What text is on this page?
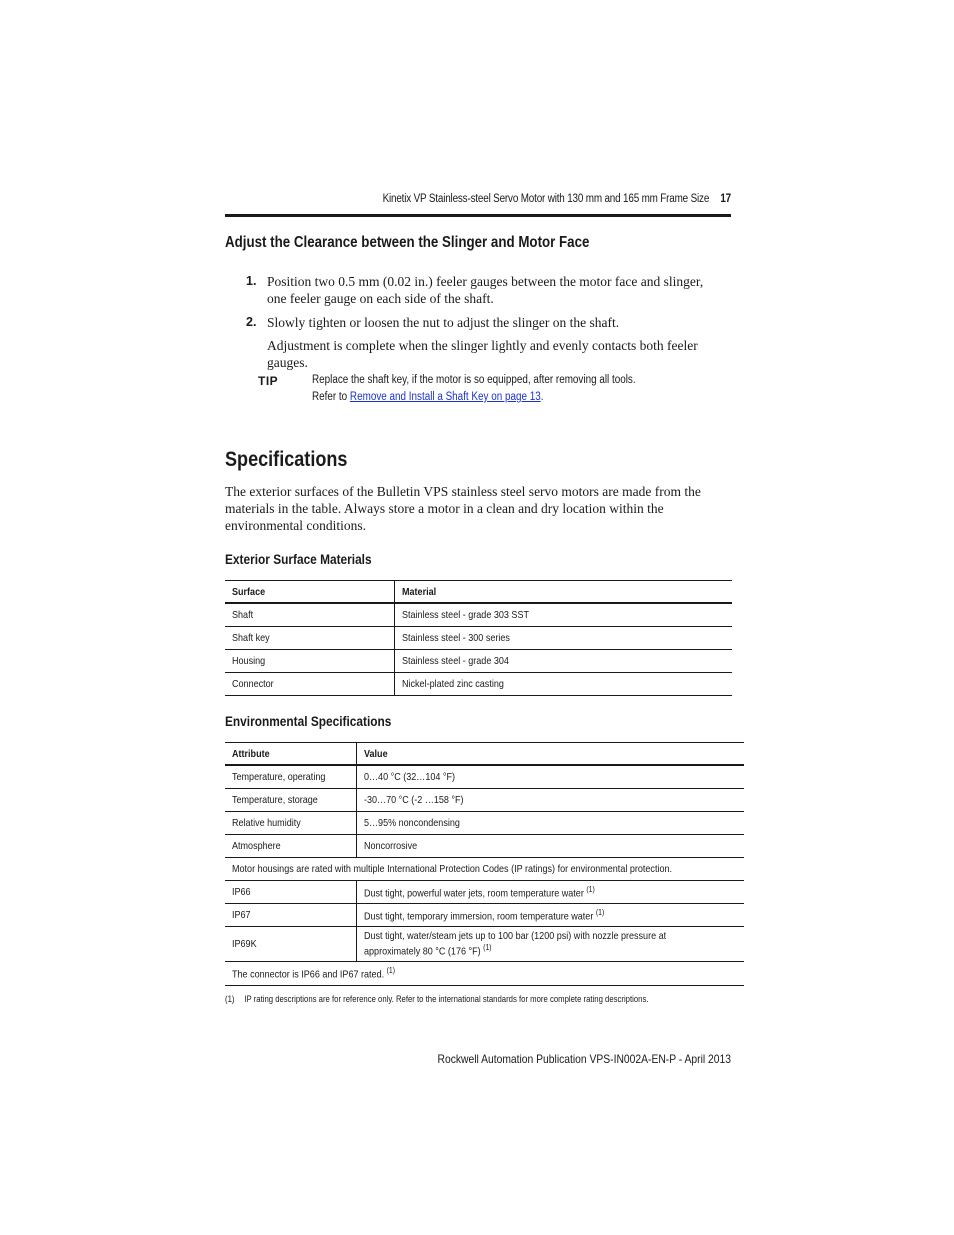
Kinetix VP Stainless-steel Servo Motor with 130 mm and 165 mm Frame Size 17
Adjust the Clearance between the Slinger and Motor Face
1. Position two 0.5 mm (0.02 in.) feeler gauges between the motor face and slinger, one feeler gauge on each side of the shaft.
2. Slowly tighten or loosen the nut to adjust the slinger on the shaft.
Adjustment is complete when the slinger lightly and evenly contacts both feeler gauges.
TIP	Replace the shaft key, if the motor is so equipped, after removing all tools.
Refer to Remove and Install a Shaft Key on page 13.
Specifications
The exterior surfaces of the Bulletin VPS stainless steel servo motors are made from the materials in the table. Always store a motor in a clean and dry location within the environmental conditions.
Exterior Surface Materials
Surface	Material
Shaft	Stainless steel - grade 303 SST
Shaft key	Stainless steel - 300 series
Housing	Stainless steel - grade 304
Connector	Nickel-plated zinc casting
Environmental Specifications
Attribute	Value
Temperature, operating	0…40 °C (32…104 °F)
Temperature, storage	-30…70 °C (-2 …158 °F)
Relative humidity	5…95% noncondensing
Atmosphere	Noncorrosive
Motor housings are rated with multiple International Protection Codes (IP ratings) for environmental protection.	
IP66	Dust tight, powerful water jets, room temperature water $^{(1)}$
IP67	Dust tight, temporary immersion, room temperature water $^{(1)}$
IP69K	Dust tight, water/steam jets up to 100 bar (1200 psi) with nozzle pressure at approximately 80 °C (176 °F) $^{(1)}$
The connector is IP66 and IP67 rated. $^{(1)}$
(1) IP rating descriptions are for reference only. Refer to the international standards for more complete rating descriptions.
Rockwell Automation Publication VPS-IN002A-EN-P - April 2013
